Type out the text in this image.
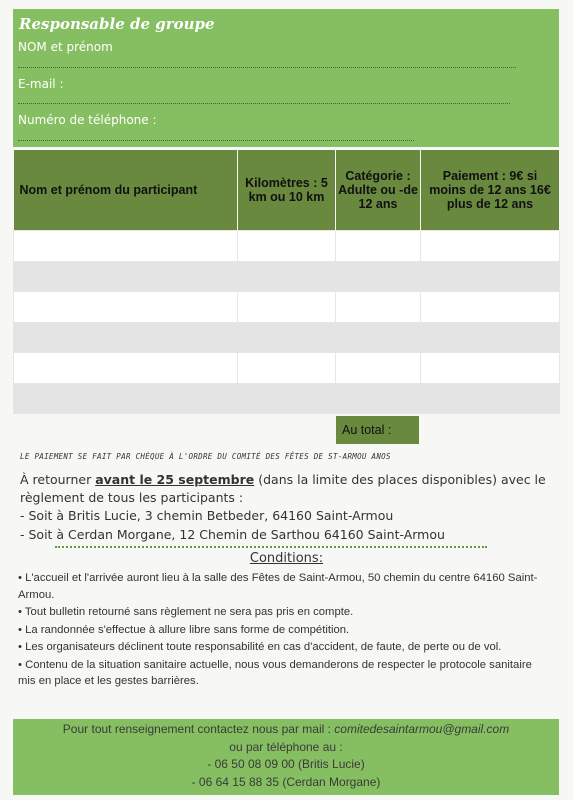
Responsable de groupe
NOM et prénom
E-mail :
Numéro de téléphone :
Nom et prénom du participant	Kilomètres : 5 km ou 10 km	Catégorie : Adulte ou -de 12 ans	Paiement : 9€ si moins de 12 ans 16€ plus de 12 ans

Au total :
LE PAIEMENT SE FAIT PAR CHÈQUE À L'ORDRE DU COMITÉ DES FÊTES DE ST-ARMOU ANOS
À retourner avant le 25 septembre (dans la limite des places disponibles) avec le règlement de tous les participants :
- Soit à Britis Lucie, 3 chemin Betbeder, 64160 Saint-Armou
- Soit à Cerdan Morgane, 12 Chemin de Sarthou 64160 Saint-Armou
Conditions:
• L'accueil et l'arrivée auront lieu à la salle des Fêtes de Saint-Armou, 50 chemin du centre 64160 Saint-Armou.
• Tout bulletin retourné sans règlement ne sera pas pris en compte.
• La randonnée s'effectue à allure libre sans forme de compétition.
• Les organisateurs déclinent toute responsabilité en cas d'accident, de faute, de perte ou de vol.
• Contenu de la situation sanitaire actuelle, nous vous demanderons de respecter le protocole sanitaire mis en place et les gestes barrières.
Pour tout renseignement contactez nous par mail : comitedesaintarmou@gmail.com
ou par téléphone au :
- 06 50 08 09 00 (Britis Lucie)
- 06 64 15 88 35 (Cerdan Morgane)
